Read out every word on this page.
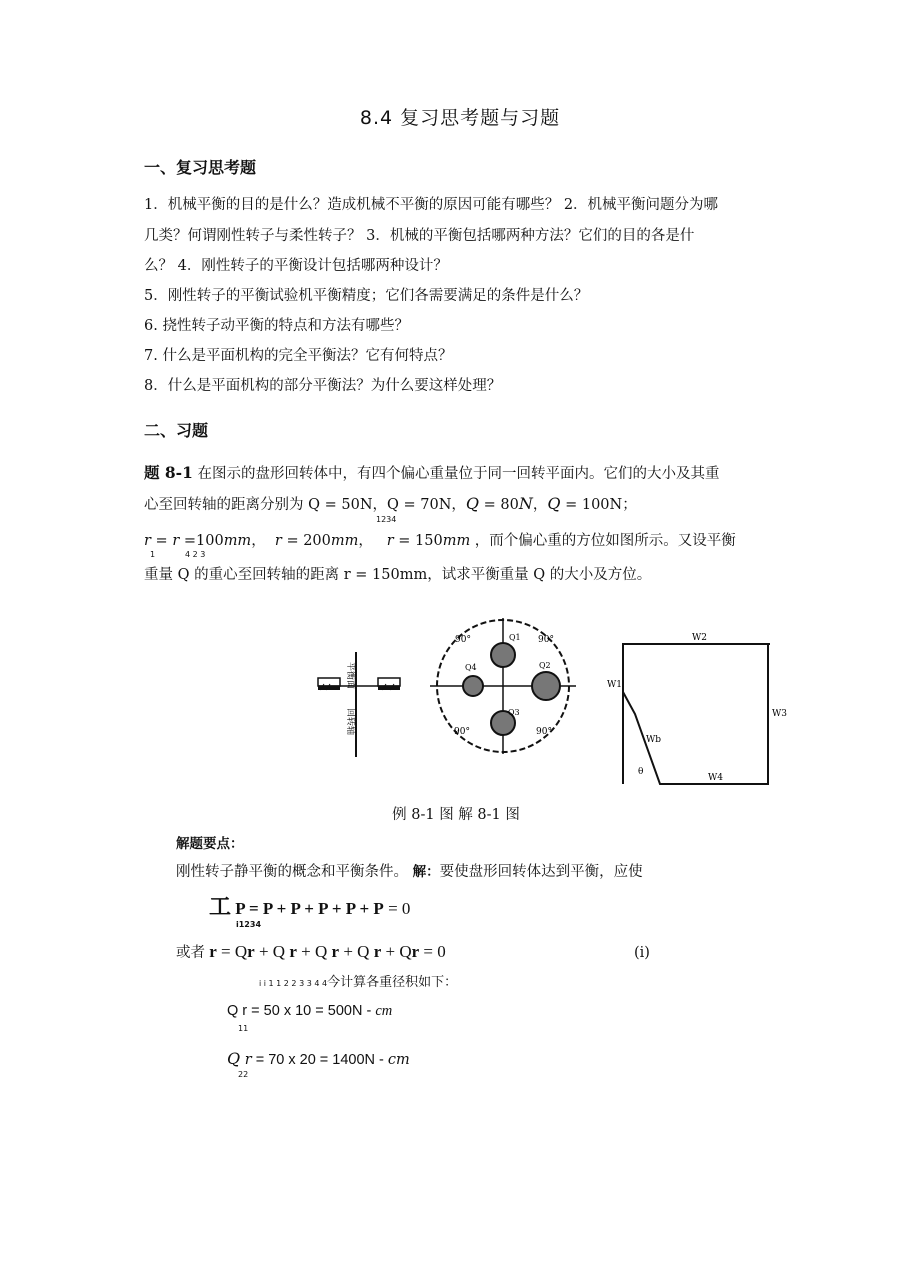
8.4 复习思考题与习题
一、复习思考题
1．机械平衡的目的是什么？造成机械不平衡的原因可能有哪些？ 2．机械平衡问题分为哪
几类？何谓刚性转子与柔性转子？ 3．机械的平衡包括哪两种方法？它们的目的各是什
么？ 4．刚性转子的平衡设计包括哪两种设计？
5．刚性转子的平衡试验机平衡精度；它们各需要满足的条件是什么？
6. 挠性转子动平衡的特点和方法有哪些？
7. 什么是平面机构的完全平衡法？它有何特点？
8．什么是平面机构的部分平衡法？为什么要这样处理？
二、习题
题 8-1 在图示的盘形回转体中，有四个偏心重量位于同一回转平面内。它们的大小及其重
心至回转轴的距离分别为 Q = 50N，Q = 70N，Q = 80N，Q = 100N；
1234
r = r =100mm， r = 200mm， r = 150mm ，而个偏心重的方位如图所示。又设平衡
1	4 2 3
重量 Q 的重心至回转轴的距离 r = 150mm，试求平衡重量 Q 的大小及方位。
平衡面
回转轴
90°	90°
90°	90°
Q1
Q2
Q3
Q4
W2
W1
W3
W4
Wb
θ
例 8-1 图 解 8-1 图
解题要点：
刚性转子静平衡的概念和平衡条件。 解：要使盘形回转体达到平衡，应使
工 P = P + P + P + P + P = 0
i1234
或者 r = Qr + Q r + Q r + Q r + Qr = 0	(i)
i i 1 1 2 2 3 3 4 4今计算各重径积如下：
Q r = 50 x 10 = 500N - cm
11
Q r = 70 x 20 = 1400N - cm
22
